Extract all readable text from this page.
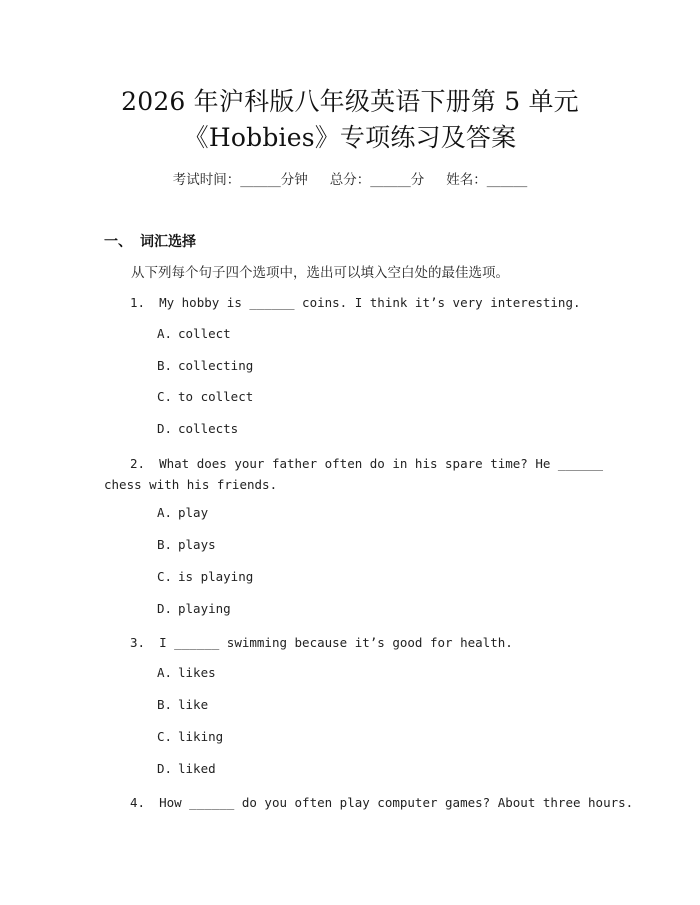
2026 年沪科版八年级英语下册第 5 单元
《Hobbies》专项练习及答案
考试时间：______分钟 总分：______分 姓名：______
一、 词汇选择
从下列每个句子四个选项中，选出可以填入空白处的最佳选项。
1. My hobby is ______ coins. I think it’s very interesting.
A. collect
B. collecting
C. to collect
D. collects
2. What does your father often do in his spare time? He ______
chess with his friends.
A. play
B. plays
C. is playing
D. playing
3. I ______ swimming because it’s good for health.
A. likes
B. like
C. liking
D. liked
4. How ______ do you often play computer games? About three hours.
